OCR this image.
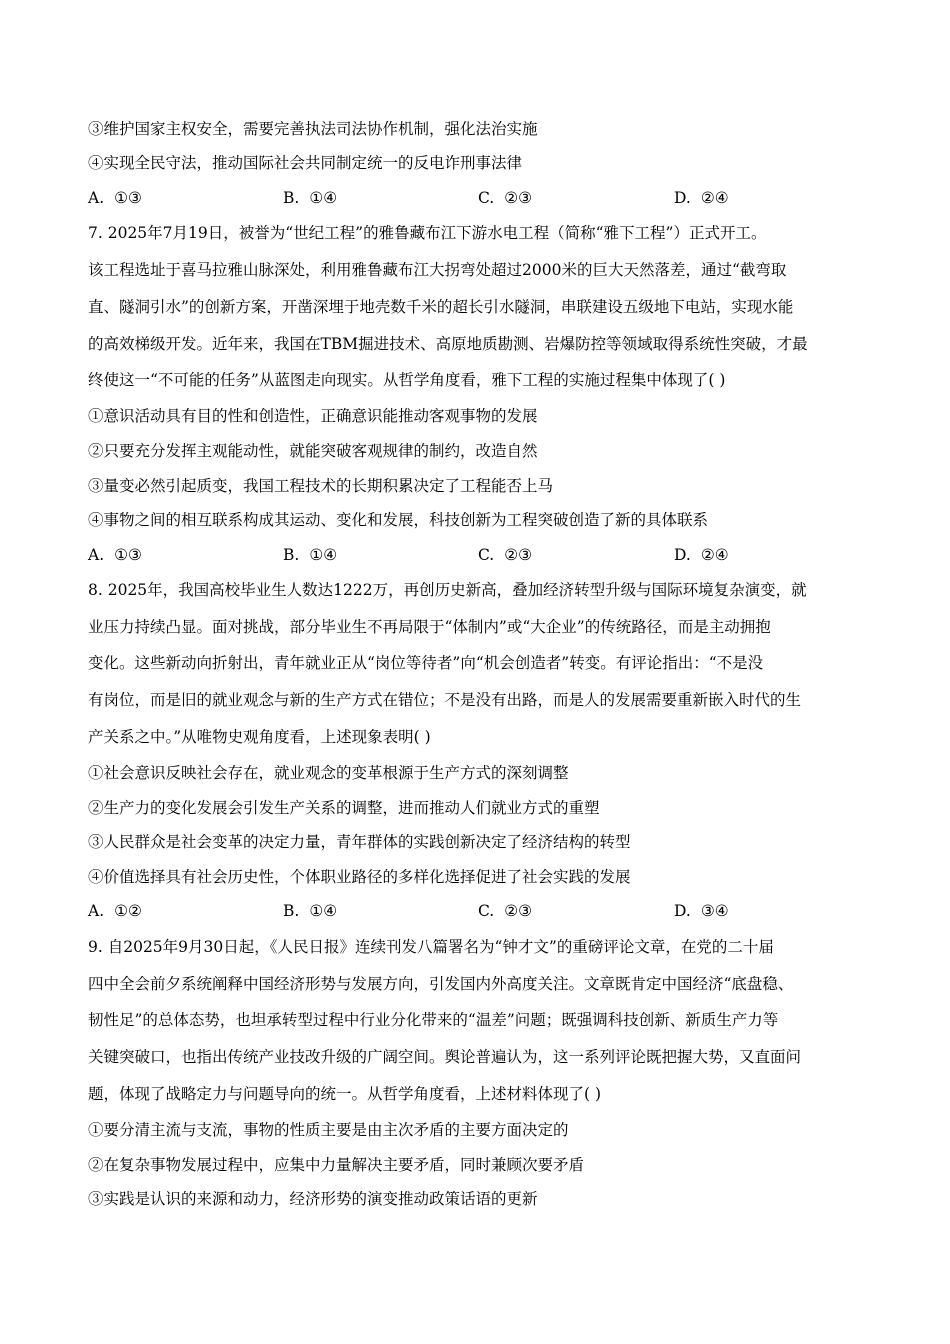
③维护国家主权安全，需要完善执法司法协作机制，强化法治实施
④实现全民守法，推动国际社会共同制定统一的反电诈刑事法律
A. ①③	B. ①④	C. ②③	D. ②④
7. 2025年7月19日，被誉为“世纪工程”的雅鲁藏布江下游水电工程（简称“雅下工程”）正式开工。
该工程选址于喜马拉雅山脉深处，利用雅鲁藏布江大拐弯处超过2000米的巨大天然落差，通过“截弯取
直、隧洞引水”的创新方案，开凿深埋于地壳数千米的超长引水隧洞，串联建设五级地下电站，实现水能
的高效梯级开发。近年来，我国在TBM掘进技术、高原地质勘测、岩爆防控等领域取得系统性突破，才最
终使这一“不可能的任务”从蓝图走向现实。从哲学角度看，雅下工程的实施过程集中体现了( )
①意识活动具有目的性和创造性，正确意识能推动客观事物的发展
②只要充分发挥主观能动性，就能突破客观规律的制约，改造自然
③量变必然引起质变，我国工程技术的长期积累决定了工程能否上马
④事物之间的相互联系构成其运动、变化和发展，科技创新为工程突破创造了新的具体联系
A. ①③	B. ①④	C. ②③	D. ②④
8. 2025年，我国高校毕业生人数达1222万，再创历史新高，叠加经济转型升级与国际环境复杂演变，就
业压力持续凸显。面对挑战，部分毕业生不再局限于“体制内”或“大企业”的传统路径，而是主动拥抱
变化。这些新动向折射出，青年就业正从“岗位等待者”向“机会创造者”转变。有评论指出：“不是没
有岗位，而是旧的就业观念与新的生产方式在错位；不是没有出路，而是人的发展需要重新嵌入时代的生
产关系之中。”从唯物史观角度看，上述现象表明( )
①社会意识反映社会存在，就业观念的变革根源于生产方式的深刻调整
②生产力的变化发展会引发生产关系的调整，进而推动人们就业方式的重塑
③人民群众是社会变革的决定力量，青年群体的实践创新决定了经济结构的转型
④价值选择具有社会历史性，个体职业路径的多样化选择促进了社会实践的发展
A. ①②	B. ①④	C. ②③	D. ③④
9. 自2025年9月30日起，《人民日报》连续刊发八篇署名为“钟才文”的重磅评论文章，在党的二十届
四中全会前夕系统阐释中国经济形势与发展方向，引发国内外高度关注。文章既肯定中国经济“底盘稳、
韧性足”的总体态势，也坦承转型过程中行业分化带来的“温差”问题；既强调科技创新、新质生产力等
关键突破口，也指出传统产业技改升级的广阔空间。舆论普遍认为，这一系列评论既把握大势，又直面问
题，体现了战略定力与问题导向的统一。从哲学角度看，上述材料体现了( )
①要分清主流与支流，事物的性质主要是由主次矛盾的主要方面决定的
②在复杂事物发展过程中，应集中力量解决主要矛盾，同时兼顾次要矛盾
③实践是认识的来源和动力，经济形势的演变推动政策话语的更新
